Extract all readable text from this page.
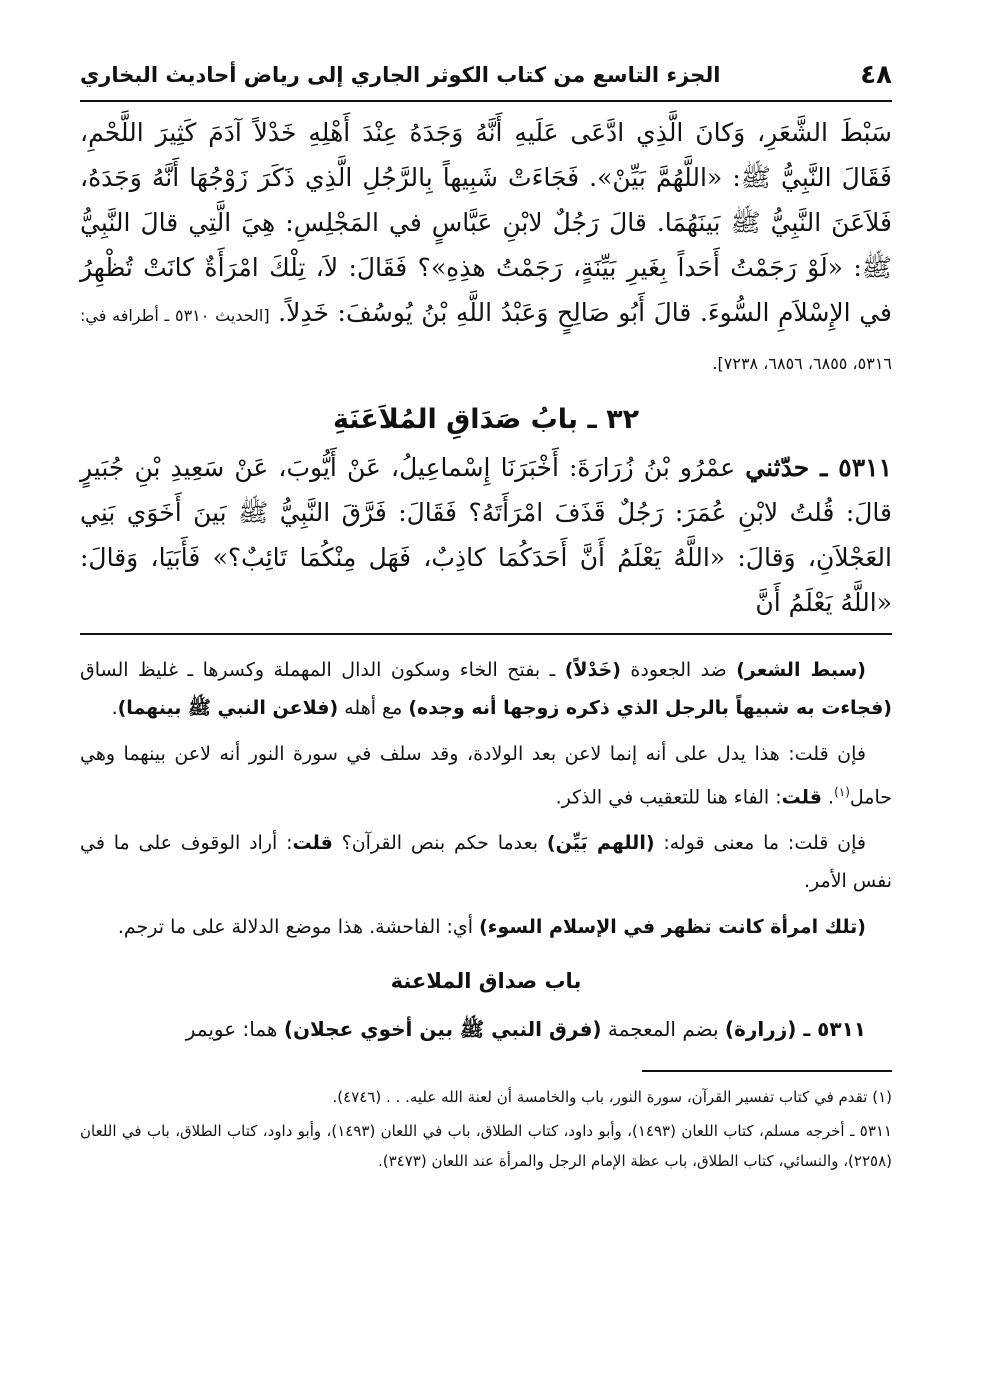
٤٨
الجزء التاسع من كتاب الكوثر الجاري إلى رياض أحاديث البخاري
سَبْطَ الشَّعَرِ، وَكانَ الَّذِي ادَّعَى عَلَيهِ أَنَّهُ وَجَدَهُ عِنْدَ أَهْلِهِ خَدْلاً آدَمَ كَثِيرَ اللَّحْمِ، فَقَالَ النَّبِيُّ ﷺ: «اللَّهُمَّ بَيِّنْ». فَجَاءَتْ شَبِيهاً بِالرَّجُلِ الَّذِي ذَكَرَ زَوْجُهَا أَنَّهُ وَجَدَهُ، فَلاَعَنَ النَّبِيُّ ﷺ بَينَهُمَا. قالَ رَجُلٌ لابْنِ عَبَّاسٍ في المَجْلِسِ: هِيَ الَّتِي قالَ النَّبِيُّ ﷺ: «لَوْ رَجَمْتُ أَحَداً بِغَيرِ بَيِّنَةٍ، رَجَمْتُ هذِهِ»؟ فَقَالَ: لاَ، تِلْكَ امْرَأَةٌ كانَتْ تُظْهِرُ في الإِسْلاَمِ السُّوءَ. قالَ أَبُو صَالِحٍ وَعَبْدُ اللَّهِ بْنُ يُوسُفَ: خَدِلاً. [الحديث ٥٣١٠ ـ أطرافه في: ٥٣١٦، ٦٨٥٥، ٦٨٥٦، ٧٢٣٨].
٣٢ ـ بابُ صَدَاقِ المُلاَعَنَةِ
٥٣١١ ـ حدّثني عمْرُو بْنُ زُرَارَةَ: أَخْبَرَنَا إِسْماعِيلُ، عَنْ أَيُّوبَ، عَنْ سَعِيدِ بْنِ جُبَيرٍ قالَ: قُلتُ لابْنِ عُمَرَ: رَجُلٌ قَذَفَ امْرَأَتَهُ؟ فَقَالَ: فَرَّقَ النَّبِيُّ ﷺ بَينَ أَخَوَي بَنِي العَجْلاَنِ، وَقالَ: «اللَّهُ يَعْلَمُ أَنَّ أَحَدَكُمَا كاذِبٌ، فَهَل مِنْكُمَا تَائِبٌ؟» فَأَبَيَا، وَقالَ: «اللَّهُ يَعْلَمُ أَنَّ

(سبط الشعر) ضد الجعودة (خَدْلاً) ـ بفتح الخاء وسكون الدال المهملة وكسرها ـ غليظ الساق (فجاءت به شبيهاً بالرجل الذي ذكره زوجها أنه وجده) مع أهله (فلاعن النبي ﷺ بينهما).

فإن قلت: هذا يدل على أنه إنما لاعن بعد الولادة، وقد سلف في سورة النور أنه لاعن بينهما وهي حامل$^{(١)}$. قلت: الفاء هنا للتعقيب في الذكر.

فإن قلت: ما معنى قوله: (اللهم بَيِّن) بعدما حكم بنص القرآن؟ قلت: أراد الوقوف على ما في نفس الأمر.

(تلك امرأة كانت تظهر في الإسلام السوء) أي: الفاحشة. هذا موضع الدلالة على ما ترجم.

باب صداق الملاعنة

٥٣١١ ـ (زرارة) بضم المعجمة (فرق النبي ﷺ بين أخوي عجلان) هما: عويمر

(١) تقدم في كتاب تفسير القرآن، سورة النور، باب والخامسة أن لعنة الله عليه. . . (٤٧٤٦).

٥٣١١ ـ أخرجه مسلم، كتاب اللعان (١٤٩٣)، وأبو داود، كتاب الطلاق، باب في اللعان (١٤٩٣)، وأبو داود، كتاب الطلاق، باب في اللعان (٢٢٥٨)، والنسائي، كتاب الطلاق، باب عظة الإمام الرجل والمرأة عند اللعان (٣٤٧٣).
